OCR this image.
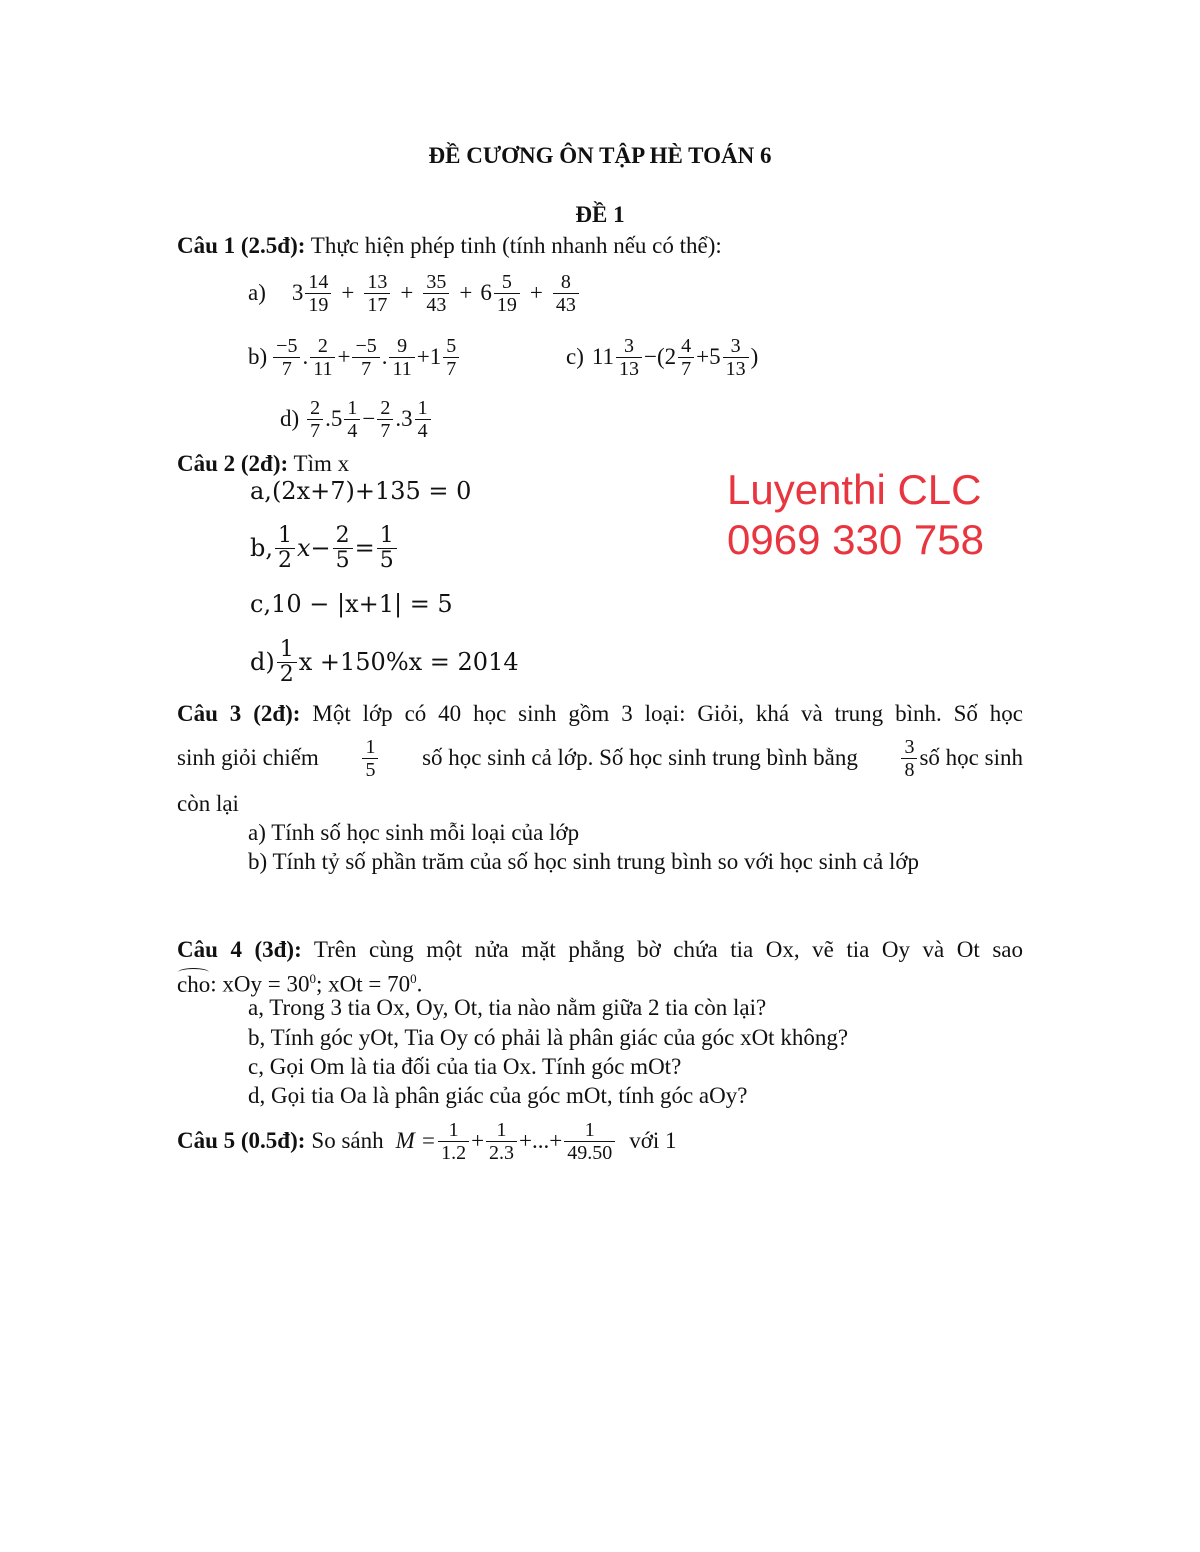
ĐỀ CƯƠNG ÔN TẬP HÈ TOÁN 6
ĐỀ 1
Luyenthi CLC
0969 330 758
Câu 1 (2.5đ): Thực hiện phép tinh (tính nhanh nếu có thể):
a) $3 \frac{14}{19} + \frac{13}{17} + \frac{35}{43} + 6 \frac{5}{19} + \frac{8}{43}$
$b) \frac{-5}{7}$ . $\frac{2}{11} + \frac{-5}{7}$ . $\frac{9}{11} +1 \frac{5}{7}$	c) $11 \frac{3}{13} -(2 \frac{4}{7} +5 \frac{3}{13}$ )
$d) \frac{2}{7} .5 \frac{1}{4} - \frac{2}{7} .3 \frac{1}{4}$
Câu 2 (2đ): Tìm x
a,(2x+7)+135 = 0
b, $\frac{1}{2}$ $x - \frac{2}{5} = \frac{1}{5}$
c,10 − |x+1| = 5
$d) \frac{1}{2}$ x +150%x = 2014
Câu 3 (2đ): Một lớp có 40 học sinh gồm 3 loại: Giỏi, khá và trung bình. Số học
sinh giỏi chiếm $\frac{1}{5}$ số học sinh cả lớp. Số học sinh trung bình bằng $\frac{3}{8}$ số học sinh
còn lại
a) Tính số học sinh mỗi loại của lớp
b) Tính tỷ số phần trăm của số học sinh trung bình so với học sinh cả lớp
Câu 4 (3đ): Trên cùng một nửa mặt phẳng bờ chứa tia Ox, vẽ tia Oy và Ot sao
cho: xOy = $30^0$; xOt = $70^0$.
a, Trong 3 tia Ox, Oy, Ot, tia nào nằm giữa 2 tia còn lại?
b, Tính góc yOt, Tia Oy có phải là phân giác của góc xOt không?
c, Gọi Om là tia đối của tia Ox. Tính góc mOt?
d, Gọi tia Oa là phân giác của góc mOt, tính góc aOy?
Câu 5 (0.5đ): So sánh $M = \frac{1}{1.2} + \frac{1}{2.3}$ +...+ $\frac{1}{49.50}$ với 1
